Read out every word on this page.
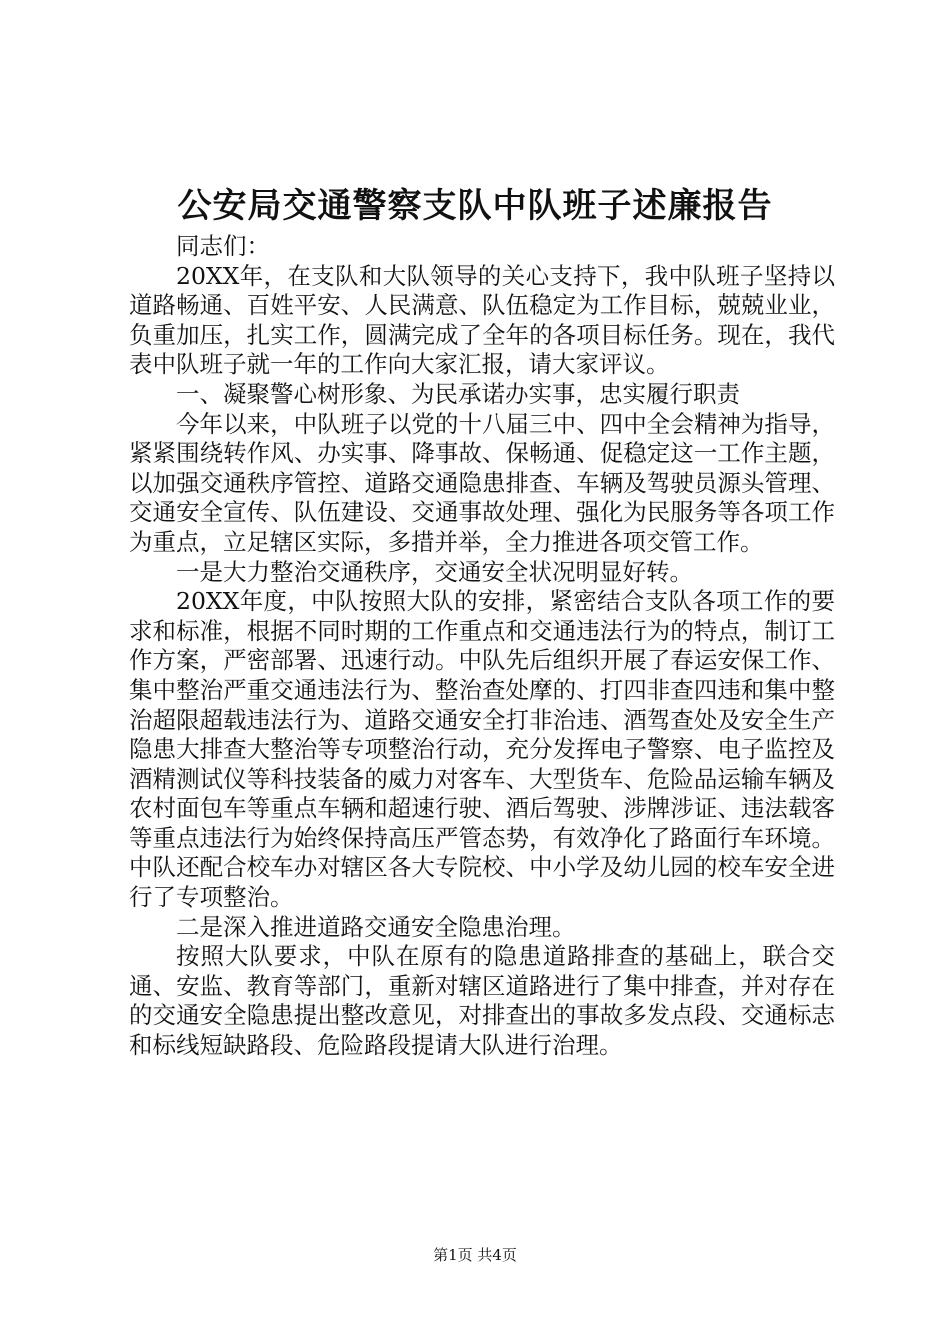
公安局交通警察支队中队班子述廉报告

同志们：

20XX年，在支队和大队领导的关心支持下，我中队班子坚持以道路畅通、百姓平安、人民满意、队伍稳定为工作目标，兢兢业业，负重加压，扎实工作，圆满完成了全年的各项目标任务。现在，我代表中队班子就一年的工作向大家汇报，请大家评议。

一、凝聚警心树形象、为民承诺办实事，忠实履行职责

今年以来，中队班子以党的十八届三中、四中全会精神为指导，紧紧围绕转作风、办实事、降事故、保畅通、促稳定这一工作主题，以加强交通秩序管控、道路交通隐患排查、车辆及驾驶员源头管理、交通安全宣传、队伍建设、交通事故处理、强化为民服务等各项工作为重点，立足辖区实际，多措并举，全力推进各项交管工作。

一是大力整治交通秩序，交通安全状况明显好转。

20XX年度，中队按照大队的安排，紧密结合支队各项工作的要求和标准，根据不同时期的工作重点和交通违法行为的特点，制订工作方案，严密部署、迅速行动。中队先后组织开展了春运安保工作、集中整治严重交通违法行为、整治查处摩的、打四非查四违和集中整治超限超载违法行为、道路交通安全打非治违、酒驾查处及安全生产隐患大排查大整治等专项整治行动，充分发挥电子警察、电子监控及酒精测试仪等科技装备的威力对客车、大型货车、危险品运输车辆及农村面包车等重点车辆和超速行驶、酒后驾驶、涉牌涉证、违法载客等重点违法行为始终保持高压严管态势，有效净化了路面行车环境。中队还配合校车办对辖区各大专院校、中小学及幼儿园的校车安全进行了专项整治。

二是深入推进道路交通安全隐患治理。

按照大队要求，中队在原有的隐患道路排查的基础上，联合交通、安监、教育等部门，重新对辖区道路进行了集中排查，并对存在的交通安全隐患提出整改意见，对排查出的事故多发点段、交通标志和标线短缺路段、危险路段提请大队进行治理。

第1页 共4页
